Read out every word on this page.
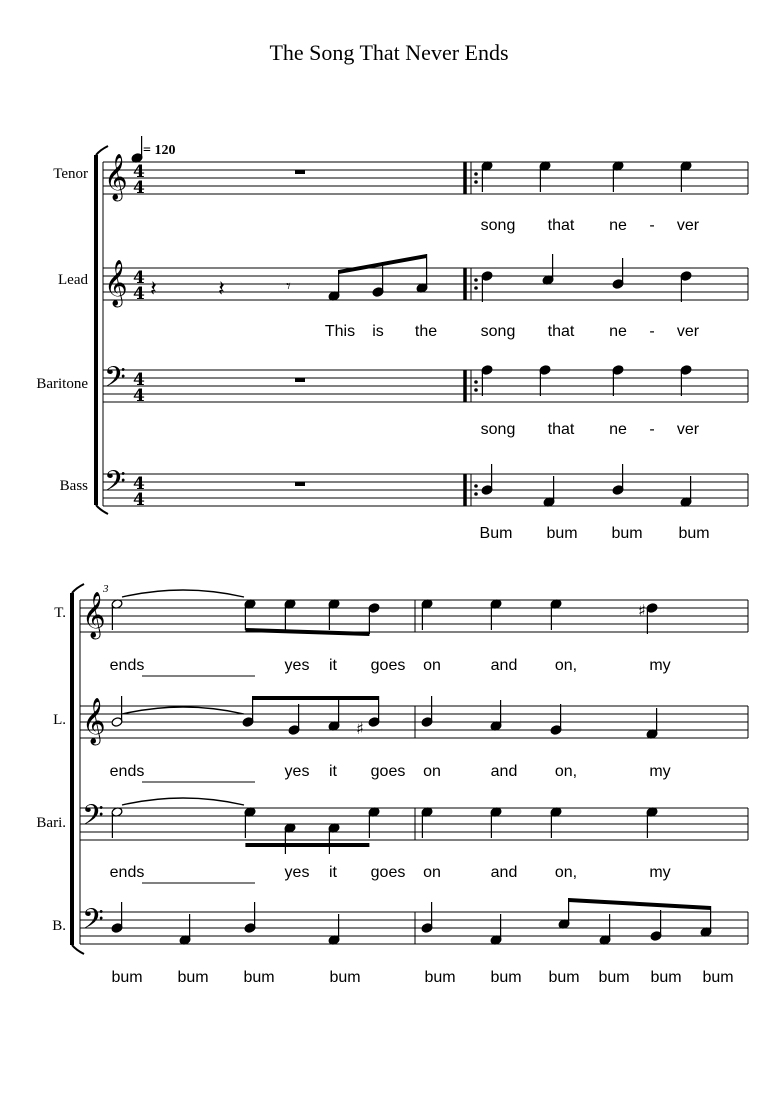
The Song That Never Ends
Tenor
Lead
Baritone
Bass
T.
L.
Bari.
B.
= 120
3
𝄞 4
4
𝄞 4
4
𝄢 4
4
𝄢 4
4
𝄽	𝄽	𝄾
𝄞
𝄞
𝄢
𝄢
♯
♯
song that ne - ver
This is the	song that ne - ver
song that ne - ver
Bum bum bum bum
ends	yes it goes on	and on,	my
ends	yes it goes on	and on,	my
ends	yes it goes on	and on,	my
bum bum bum	bum	bum bum bum bum bum bum
